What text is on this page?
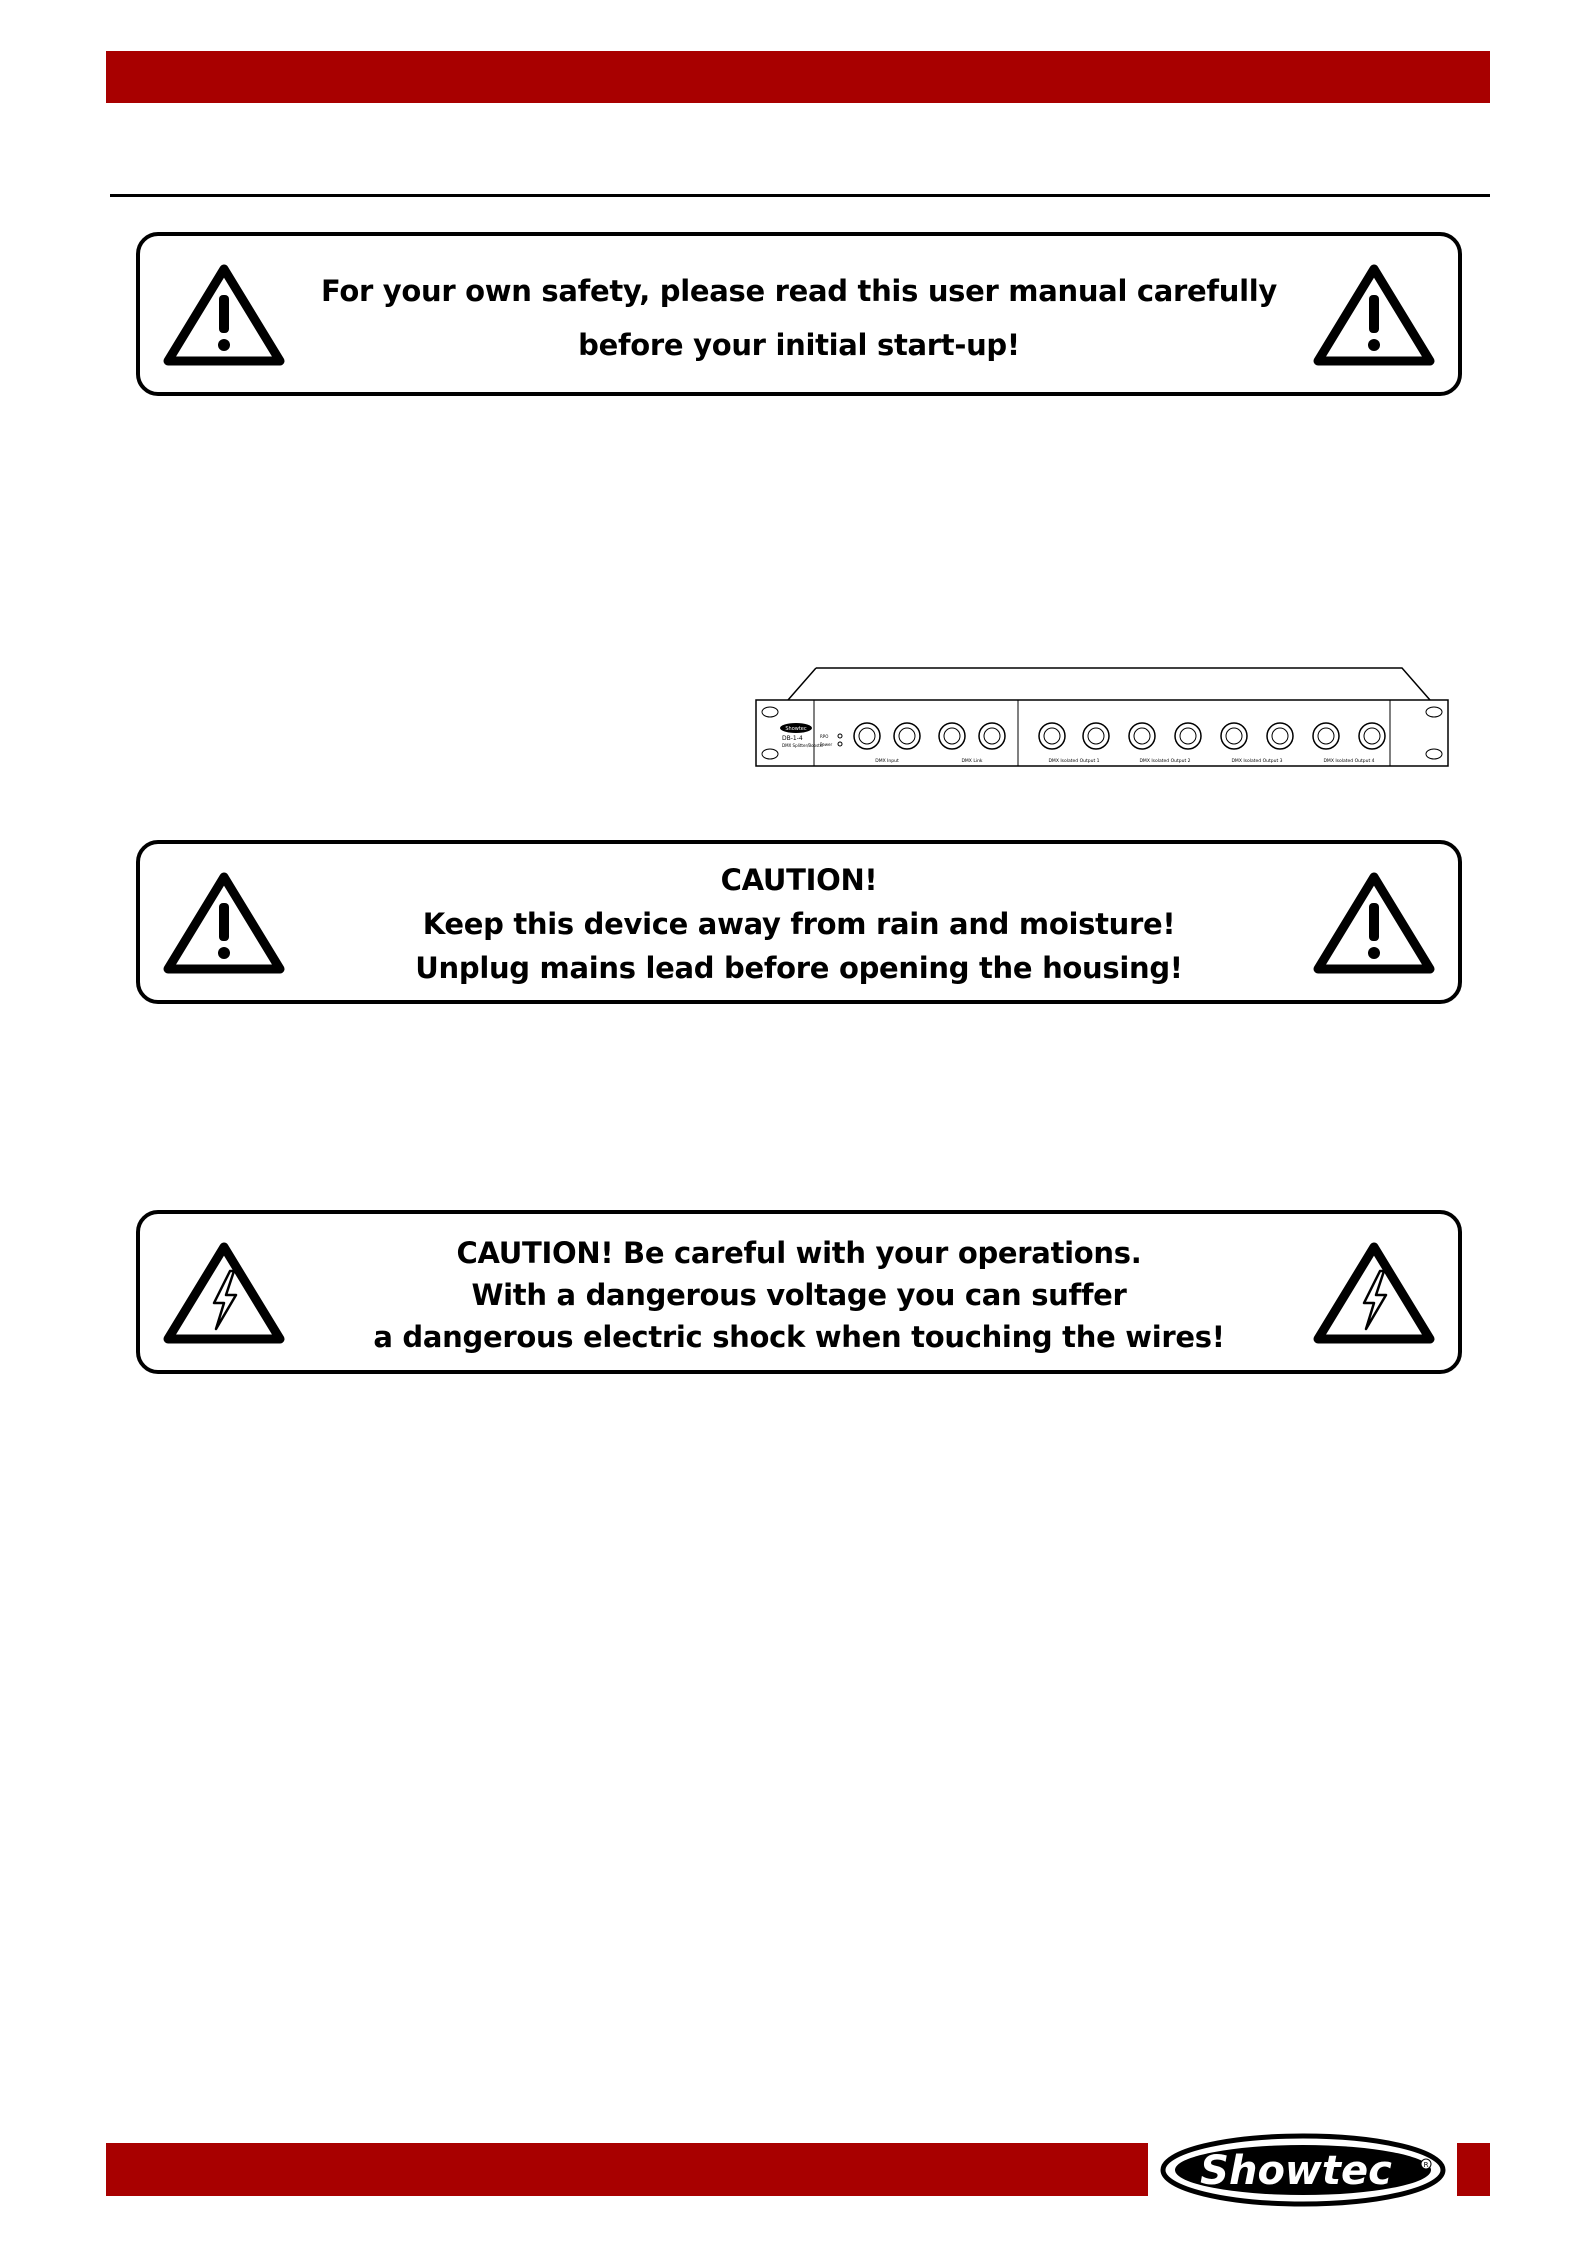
For your own safety, please read this user manual carefully
before your initial start-up!
Showtec
DB-1-4
DMX Splitter/Booster
RPO
Power
DMX Input	DMX Link	DMX Isolated Output 1	DMX Isolated Output 2	DMX Isolated Output 3	DMX Isolated Output 4
CAUTION!
Keep this device away from rain and moisture!
Unplug mains lead before opening the housing!
CAUTION! Be careful with your operations.
With a dangerous voltage you can suffer
a dangerous electric shock when touching the wires!
Showtec	R
